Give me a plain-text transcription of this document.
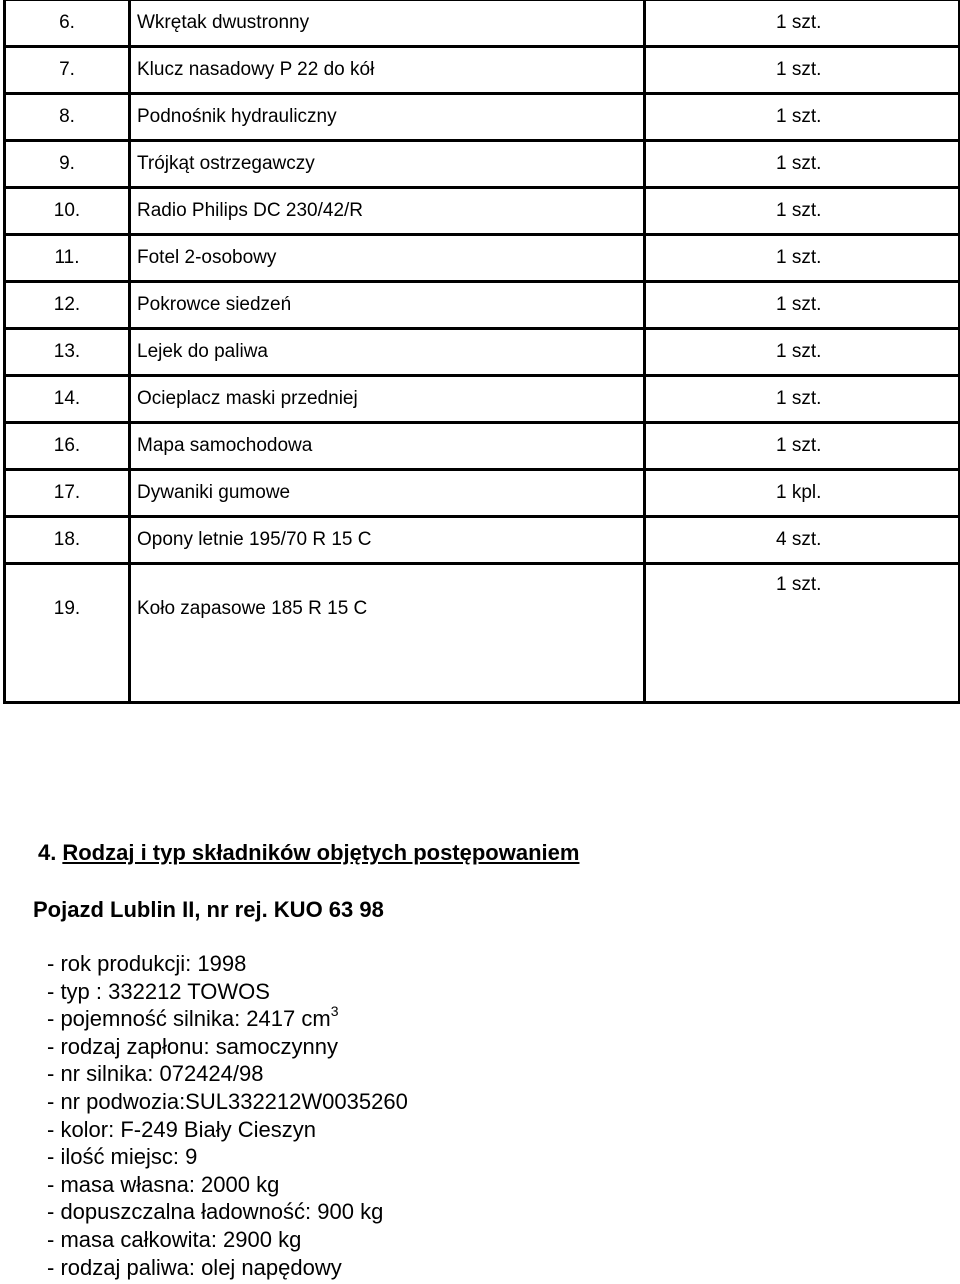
6.	Wkrętak dwustronny	1 szt.
7.	Klucz nasadowy P 22 do kół	1 szt.
8.	Podnośnik hydrauliczny	1 szt.
9.	Trójkąt ostrzegawczy	1 szt.
10.	Radio Philips DC 230/42/R	1 szt.
11.	Fotel 2-osobowy	1 szt.
12.	Pokrowce siedzeń	1 szt.
13.	Lejek do paliwa	1 szt.
14.	Ocieplacz maski przedniej	1 szt.
16.	Mapa samochodowa	1 szt.
17.	Dywaniki gumowe	1 kpl.
18.	Opony letnie 195/70 R 15 C	4 szt.
19.	Koło zapasowe 185 R 15 C	1 szt.
4. Rodzaj i typ składników objętych postępowaniem
Pojazd Lublin II, nr rej. KUO 63 98
- rok produkcji: 1998
- typ : 332212 TOWOS
- pojemność silnika: 2417 $cm^3$
- rodzaj zapłonu: samoczynny
- nr silnika: 072424/98
- nr podwozia:SUL332212W0035260
- kolor: F-249 Biały Cieszyn
- ilość miejsc: 9
- masa własna: 2000 kg
- dopuszczalna ładowność: 900 kg
- masa całkowita: 2900 kg
- rodzaj paliwa: olej napędowy
